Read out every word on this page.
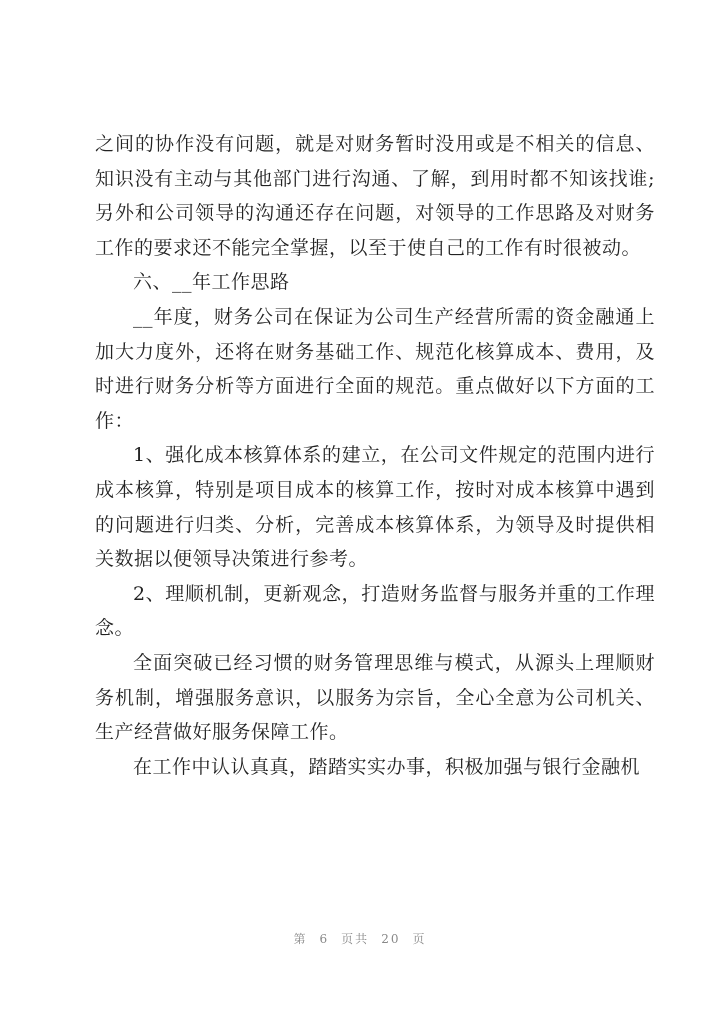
之间的协作没有问题，就是对财务暂时没用或是不相关的信息、知识没有主动与其他部门进行沟通、了解，到用时都不知该找谁;另外和公司领导的沟通还存在问题，对领导的工作思路及对财务工作的要求还不能完全掌握，以至于使自己的工作有时很被动。

六、__年工作思路

__年度，财务公司在保证为公司生产经营所需的资金融通上加大力度外，还将在财务基础工作、规范化核算成本、费用，及时进行财务分析等方面进行全面的规范。重点做好以下方面的工作：

1、强化成本核算体系的建立，在公司文件规定的范围内进行成本核算，特别是项目成本的核算工作，按时对成本核算中遇到的问题进行归类、分析，完善成本核算体系，为领导及时提供相关数据以便领导决策进行参考。

2、理顺机制，更新观念，打造财务监督与服务并重的工作理念。

全面突破已经习惯的财务管理思维与模式，从源头上理顺财务机制，增强服务意识，以服务为宗旨，全心全意为公司机关、生产经营做好服务保障工作。

在工作中认认真真，踏踏实实办事，积极加强与银行金融机

第 6 页共 20 页
